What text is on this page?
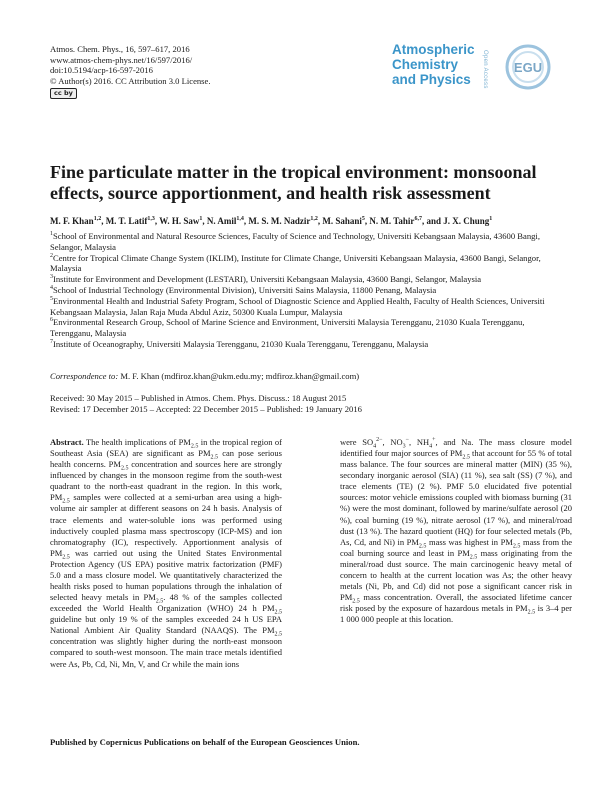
Atmos. Chem. Phys., 16, 597–617, 2016
www.atmos-chem-phys.net/16/597/2016/
doi:10.5194/acp-16-597-2016
© Author(s) 2016. CC Attribution 3.0 License.
cc by
Atmospheric
Chemistry
and Physics	Open Access EGU
Fine particulate matter in the tropical environment: monsoonal effects, source apportionment, and health risk assessment
M. F. Khan$^{1,2}$, M. T. Latif$^{1,3}$, W. H. Saw$^1$, N. Amil$^{1,4}$, M. S. M. Nadzir$^{1,2}$, M. Sahani$^5$, N. M. Tahir$^{6,7}$, and J. X. Chung$^1$

$^1$School of Environmental and Natural Resource Sciences, Faculty of Science and Technology, Universiti Kebangsaan Malaysia, 43600 Bangi, Selangor, Malaysia

$^2$Centre for Tropical Climate Change System (IKLIM), Institute for Climate Change, Universiti Kebangsaan Malaysia, 43600 Bangi, Selangor, Malaysia

$^3$Institute for Environment and Development (LESTARI), Universiti Kebangsaan Malaysia, 43600 Bangi, Selangor, Malaysia

$^4$School of Industrial Technology (Environmental Division), Universiti Sains Malaysia, 11800 Penang, Malaysia

$^5$Environmental Health and Industrial Safety Program, School of Diagnostic Science and Applied Health, Faculty of Health Sciences, Universiti Kebangsaan Malaysia, Jalan Raja Muda Abdul Aziz, 50300 Kuala Lumpur, Malaysia

$^6$Environmental Research Group, School of Marine Science and Environment, Universiti Malaysia Terengganu, 21030 Kuala Terengganu, Terengganu, Malaysia

$^7$Institute of Oceanography, Universiti Malaysia Terengganu, 21030 Kuala Terengganu, Terengganu, Malaysia

Correspondence to: M. F. Khan (mdfiroz.khan@ukm.edu.my; mdfiroz.khan@gmail.com)
Received: 30 May 2015 – Published in Atmos. Chem. Phys. Discuss.: 18 August 2015
Revised: 17 December 2015 – Accepted: 22 December 2015 – Published: 19 January 2016

Abstract. The health implications of $PM_{2.5}$ in the tropical region of Southeast Asia (SEA) are significant as $PM_{2.5}$ can pose serious health concerns. $PM_{2.5}$ concentration and sources here are strongly influenced by changes in the monsoon regime from the south-west quadrant to the north-east quadrant in the region. In this work, $PM_{2.5}$ samples were collected at a semi-urban area using a high-volume air sampler at different seasons on 24 h basis. Analysis of trace elements and water-soluble ions was performed using inductively coupled plasma mass spectroscopy (ICP-MS) and ion chromatography (IC), respectively. Apportionment analysis of $PM_{2.5}$ was carried out using the United States Environmental Protection Agency (US EPA) positive matrix factorization (PMF) 5.0 and a mass closure model. We quantitatively characterized the health risks posed to human populations through the inhalation of selected heavy metals in $PM_{2.5}$. 48 % of the samples collected exceeded the World Health Organization (WHO) 24 h $PM_{2.5}$ guideline but only 19 % of the samples exceeded 24 h US EPA National Ambient Air Quality Standard (NAAQS). The $PM_{2.5}$ concentration was slightly higher during the north-east monsoon compared to south-west monsoon. The main trace metals identified were As, Pb, Cd, Ni, Mn, V, and Cr while the main ions

were $SO_4^{2-}$, $NO_3^-$, $NH_4^+$, and Na. The mass closure model identified four major sources of $PM_{2.5}$ that account for 55 % of total mass balance. The four sources are mineral matter (MIN) (35 %), secondary inorganic aerosol (SIA) (11 %), sea salt (SS) (7 %), and trace elements (TE) (2 %). PMF 5.0 elucidated five potential sources: motor vehicle emissions coupled with biomass burning (31 %) were the most dominant, followed by marine/sulfate aerosol (20 %), coal burning (19 %), nitrate aerosol (17 %), and mineral/road dust (13 %). The hazard quotient (HQ) for four selected metals (Pb, As, Cd, and Ni) in $PM_{2.5}$ mass was highest in $PM_{2.5}$ mass from the coal burning source and least in $PM_{2.5}$ mass originating from the mineral/road dust source. The main carcinogenic heavy metal of concern to health at the current location was As; the other heavy metals (Ni, Pb, and Cd) did not pose a significant cancer risk in $PM_{2.5}$ mass concentration. Overall, the associated lifetime cancer risk posed by the exposure of hazardous metals in $PM_{2.5}$ is 3–4 per 1 000 000 people at this location.

Published by Copernicus Publications on behalf of the European Geosciences Union.
